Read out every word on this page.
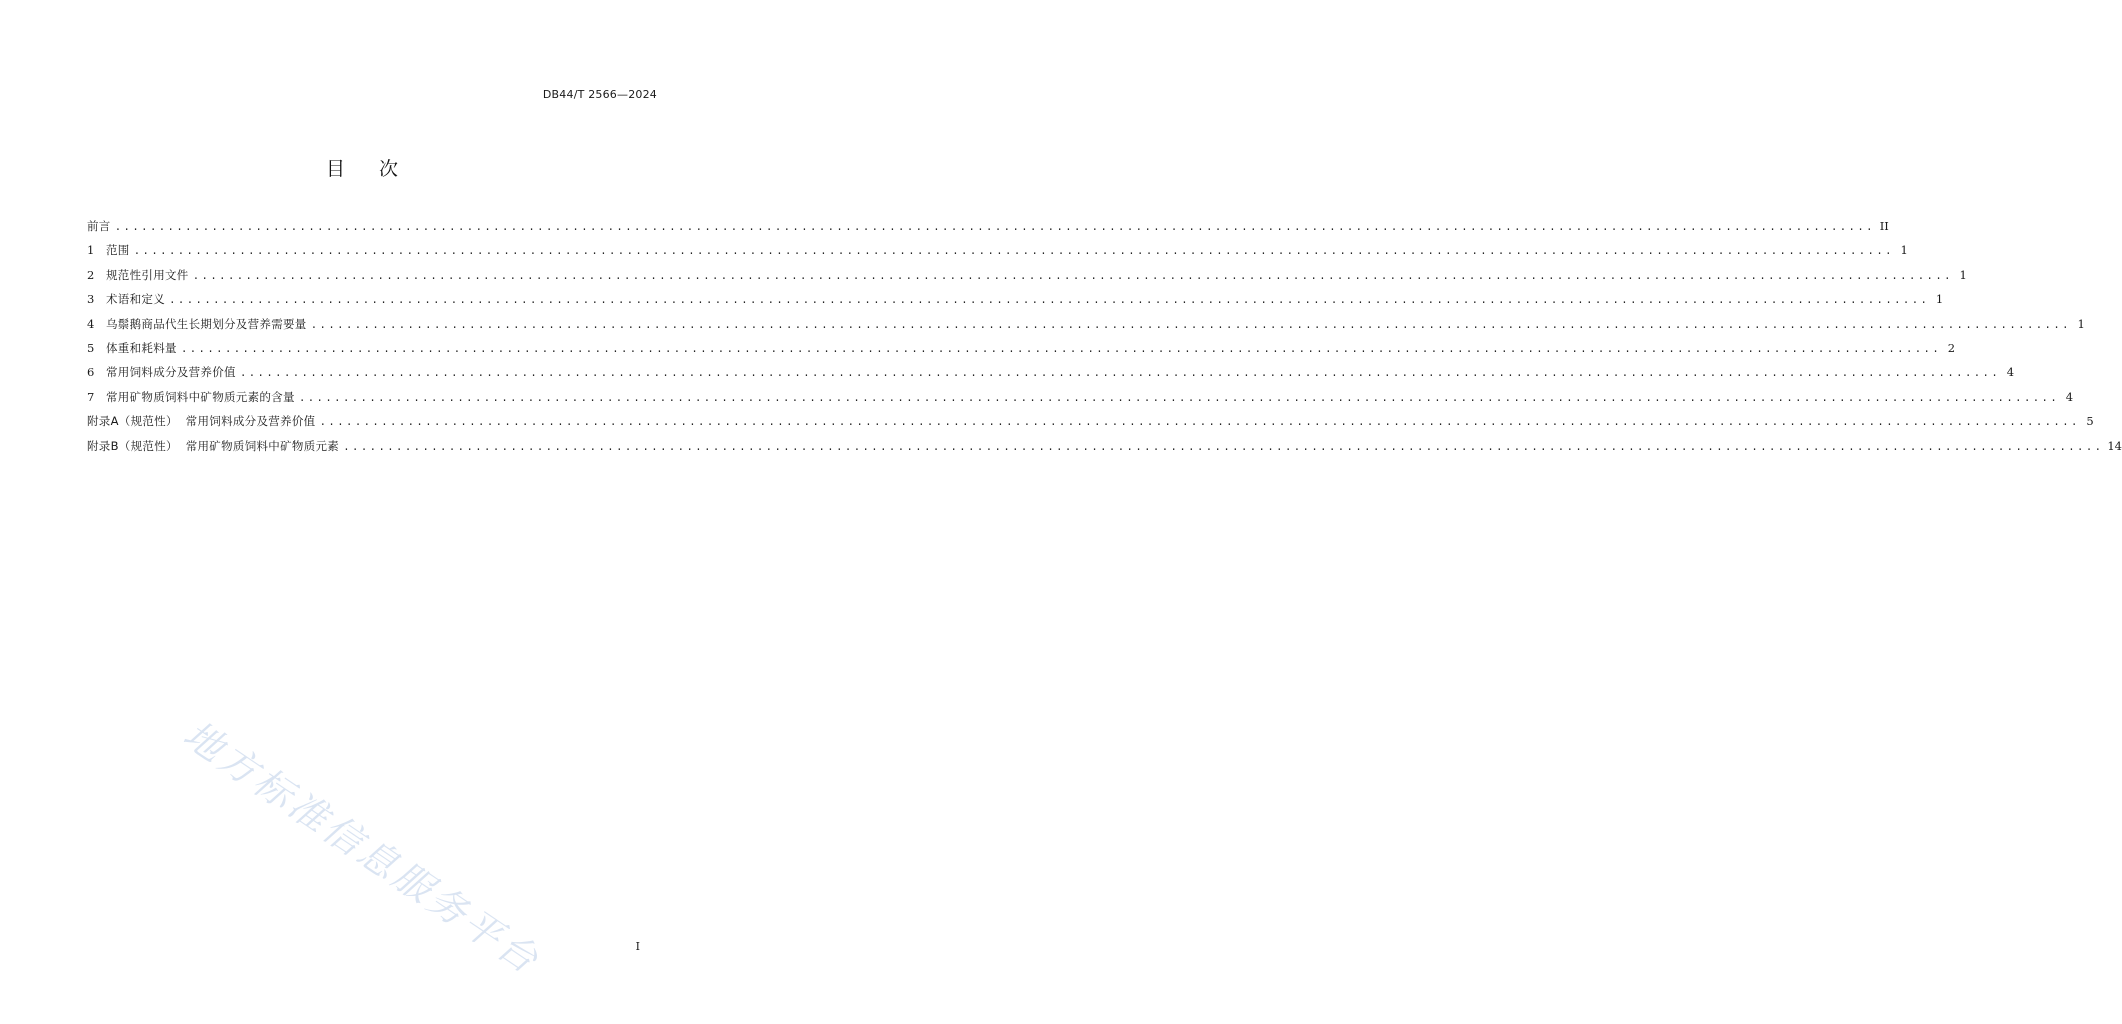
DB44/T 2566—2024
目 次
前言 ........................................................................................................................................................................................................ II
1	范围 ........................................................................................................................................................................................................ 1
2	规范性引用文件 ........................................................................................................................................................................................................ 1
3	术语和定义 ........................................................................................................................................................................................................ 1
4	乌鬃鹅商品代生长期划分及营养需要量 ........................................................................................................................................................................................................ 1
5	体重和耗料量 ........................................................................................................................................................................................................ 2
6	常用饲料成分及营养价值 ........................................................................................................................................................................................................ 4
7	常用矿物质饲料中矿物质元素的含量 ........................................................................................................................................................................................................ 4
附录A（规范性）  常用饲料成分及营养价值 ........................................................................................................................................................................................................ 5
附录B（规范性）  常用矿物质饲料中矿物质元素 ........................................................................................................................................................................................................ 14
地方标准信息服务平台	I
